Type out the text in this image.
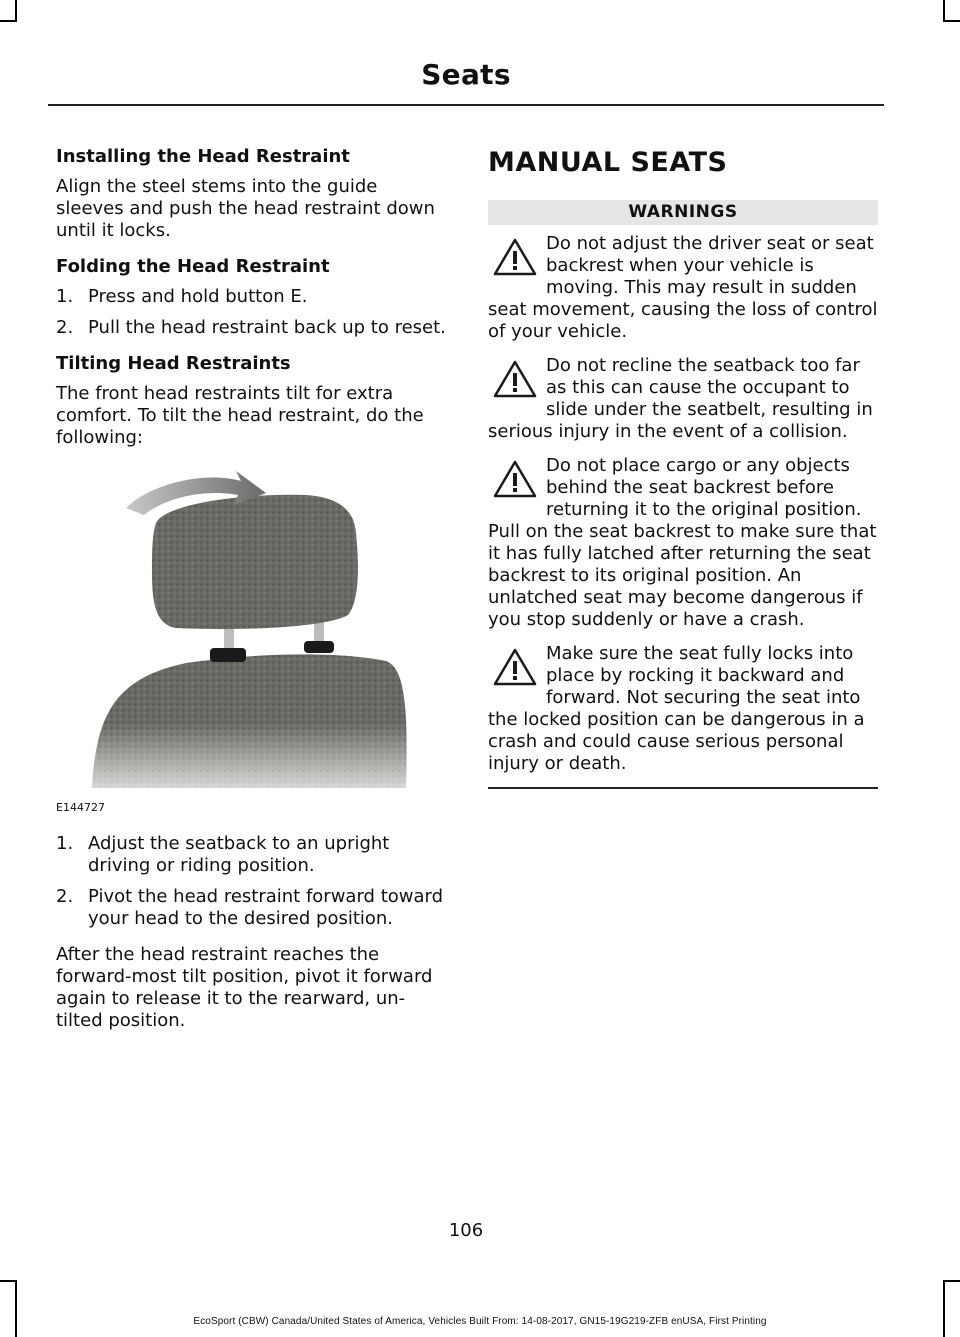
Seats
Installing the Head Restraint

Align the steel stems into the guide sleeves and push the head restraint down until it locks.

Folding the Head Restraint
1. Press and hold button E.
2. Pull the head restraint back up to reset.
Tilting Head Restraints

The front head restraints tilt for extra comfort. To tilt the head restraint, do the following:

E144727
1. Adjust the seatback to an upright driving or riding position.
2. Pivot the head restraint forward toward your head to the desired position.

After the head restraint reaches the forward-most tilt position, pivot it forward again to release it to the rearward, un-tilted position.

MANUAL SEATS
WARNINGS

Do not adjust the driver seat or seat backrest when your vehicle is moving. This may result in sudden seat movement, causing the loss of control of your vehicle.

Do not recline the seatback too far as this can cause the occupant to slide under the seatbelt, resulting in serious injury in the event of a collision.

Do not place cargo or any objects behind the seat backrest before returning it to the original position. Pull on the seat backrest to make sure that it has fully latched after returning the seat backrest to its original position. An unlatched seat may become dangerous if you stop suddenly or have a crash.

Make sure the seat fully locks into place by rocking it backward and forward. Not securing the seat into the locked position can be dangerous in a crash and could cause serious personal injury or death.

106
EcoSport (CBW) Canada/United States of America, Vehicles Built From: 14-08-2017, GN15-19G219-ZFB enUSA, First Printing
